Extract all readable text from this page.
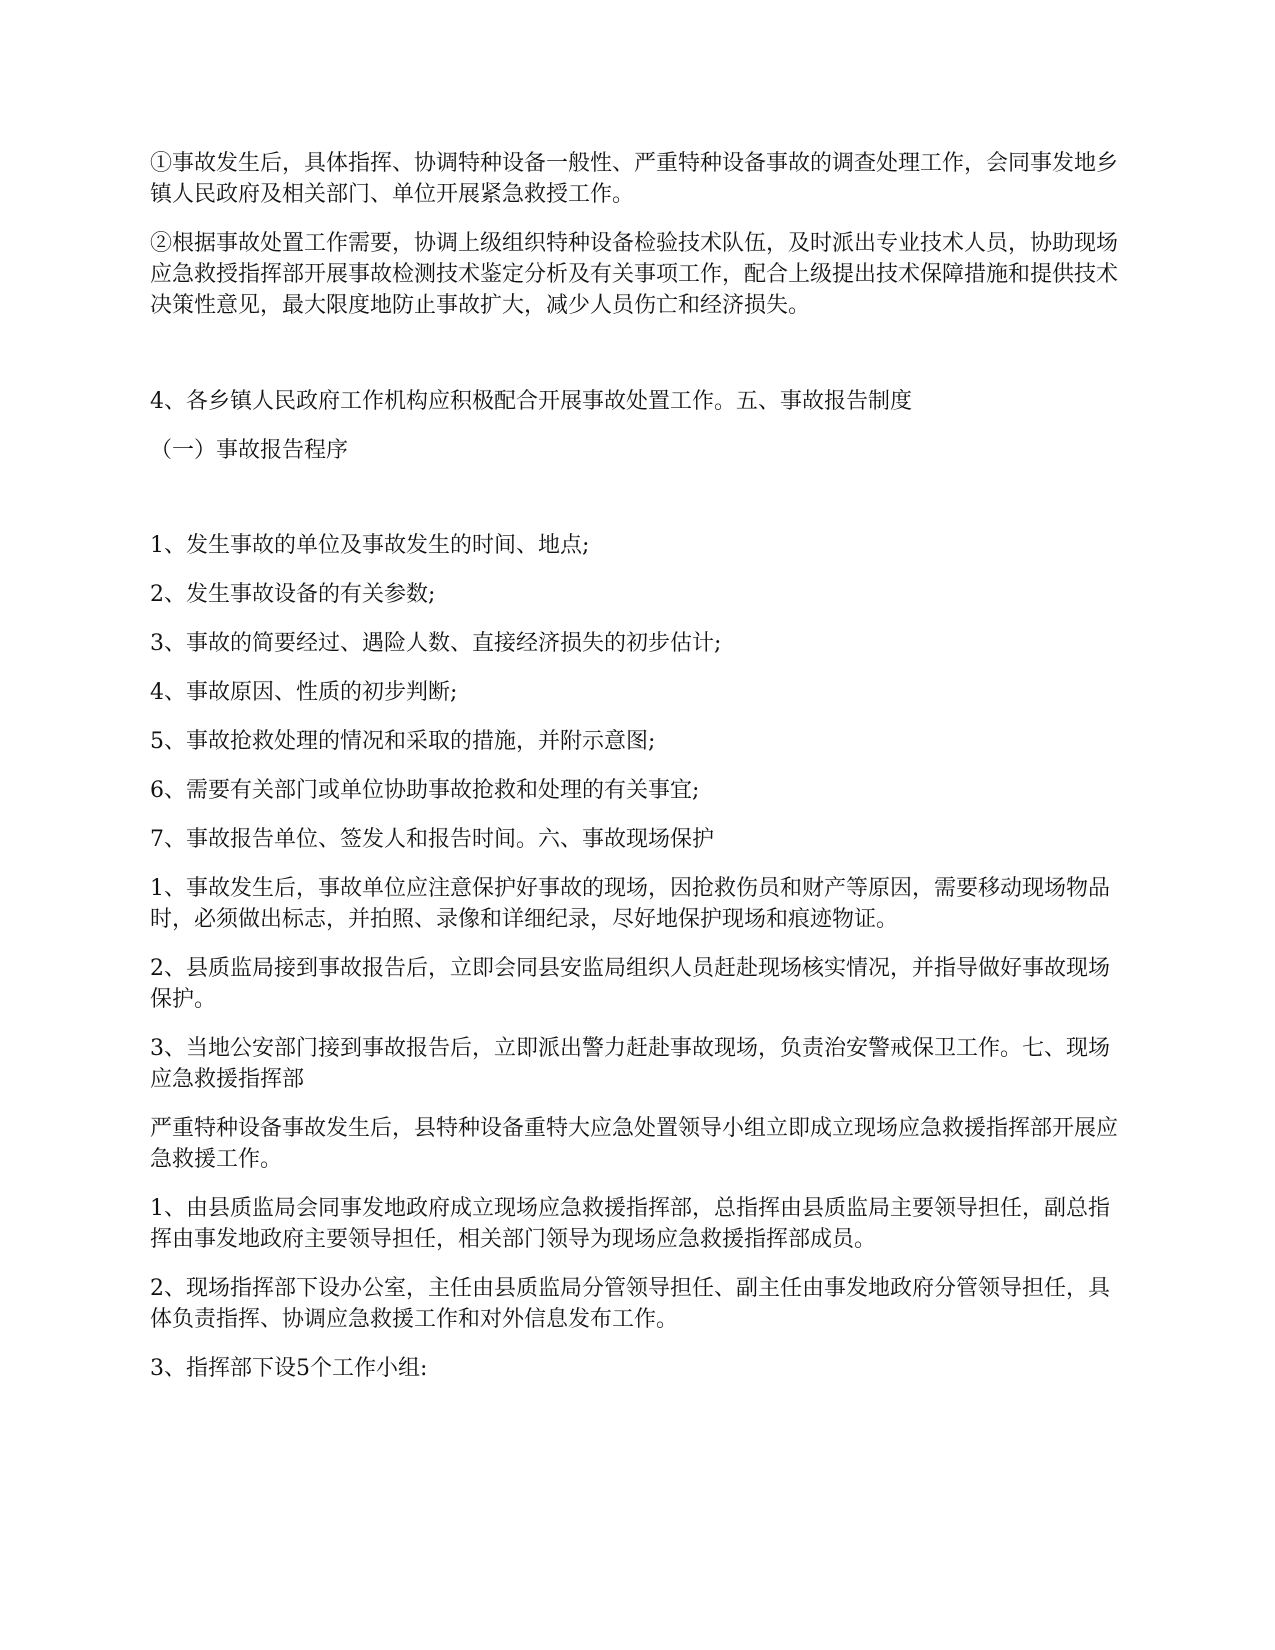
①事故发生后，具体指挥、协调特种设备一般性、严重特种设备事故的调查处理工作，会同事发地乡镇人民政府及相关部门、单位开展紧急救授工作。

②根据事故处置工作需要，协调上级组织特种设备检验技术队伍，及时派出专业技术人员，协助现场应急救授指挥部开展事故检测技术鉴定分析及有关事项工作，配合上级提出技术保障措施和提供技术决策性意见，最大限度地防止事故扩大，减少人员伤亡和经济损失。

4、各乡镇人民政府工作机构应积极配合开展事故处置工作。五、事故报告制度

（一）事故报告程序

1、发生事故的单位及事故发生的时间、地点;

2、发生事故设备的有关参数;

3、事故的简要经过、遇险人数、直接经济损失的初步估计;

4、事故原因、性质的初步判断;

5、事故抢救处理的情况和采取的措施，并附示意图;

6、需要有关部门或单位协助事故抢救和处理的有关事宜;

7、事故报告单位、签发人和报告时间。六、事故现场保护

1、事故发生后，事故单位应注意保护好事故的现场，因抢救伤员和财产等原因，需要移动现场物品时，必须做出标志，并拍照、录像和详细纪录，尽好地保护现场和痕迹物证。

2、县质监局接到事故报告后，立即会同县安监局组织人员赶赴现场核实情况，并指导做好事故现场保护。

3、当地公安部门接到事故报告后，立即派出警力赶赴事故现场，负责治安警戒保卫工作。七、现场应急救援指挥部

严重特种设备事故发生后，县特种设备重特大应急处置领导小组立即成立现场应急救援指挥部开展应急救援工作。

1、由县质监局会同事发地政府成立现场应急救援指挥部，总指挥由县质监局主要领导担任，副总指挥由事发地政府主要领导担任，相关部门领导为现场应急救援指挥部成员。

2、现场指挥部下设办公室，主任由县质监局分管领导担任、副主任由事发地政府分管领导担任，具体负责指挥、协调应急救援工作和对外信息发布工作。

3、指挥部下设5个工作小组:
